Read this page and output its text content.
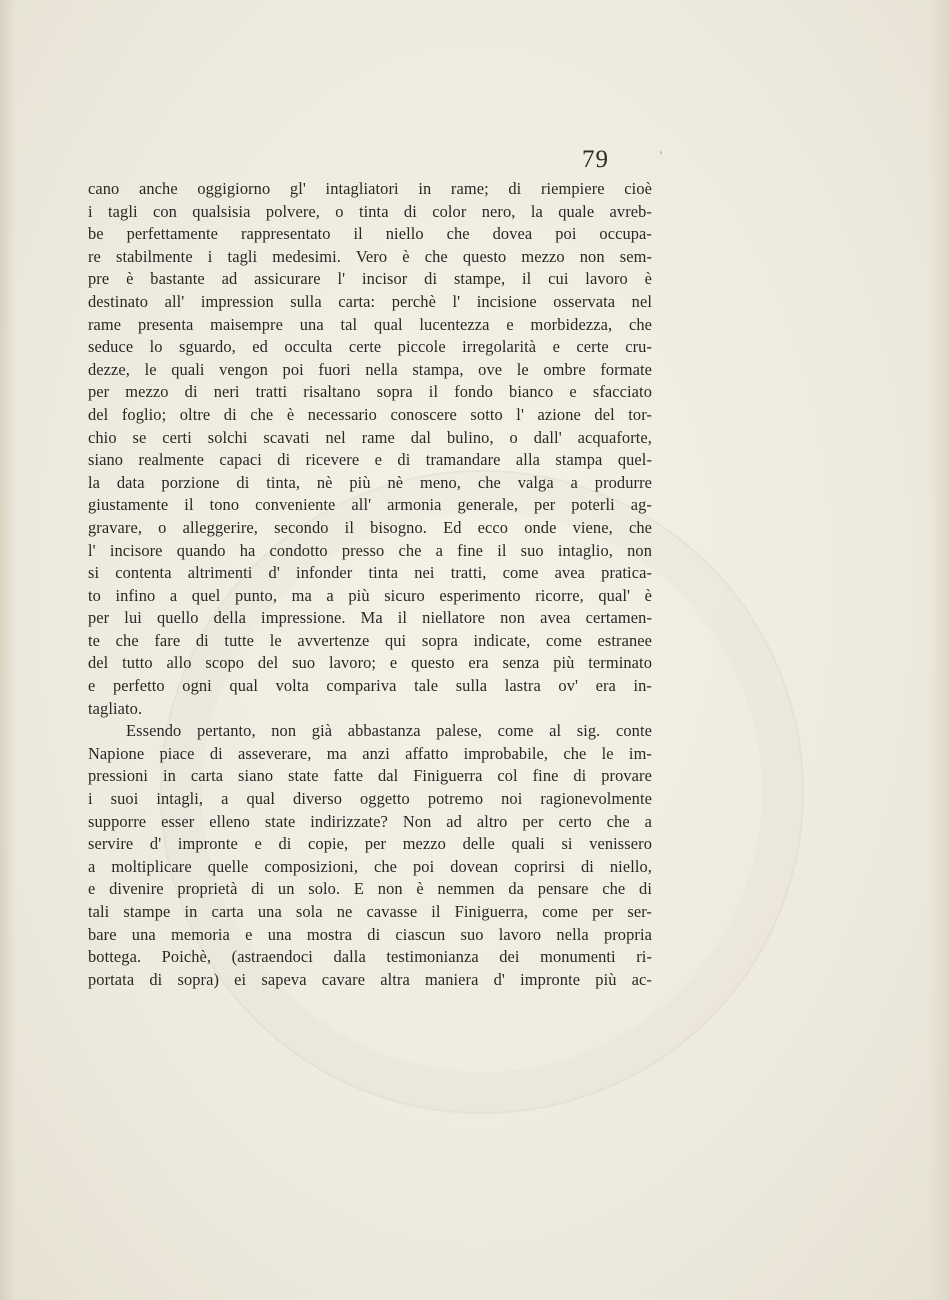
79	'
cano anche oggigiorno gl' intagliatori in rame; di riempiere cioè
i tagli con qualsisia polvere, o tinta di color nero, la quale avreb-
be perfettamente rappresentato il niello che dovea poi occupa-
re stabilmente i tagli medesimi. Vero è che questo mezzo non sem-
pre è bastante ad assicurare l' incisor di stampe, il cui lavoro è
destinato all' impression sulla carta: perchè l' incisione osservata nel
rame presenta maisempre una tal qual lucentezza e morbidezza, che
seduce lo sguardo, ed occulta certe piccole irregolarità e certe cru-
dezze, le quali vengon poi fuori nella stampa, ove le ombre formate
per mezzo di neri tratti risaltano sopra il fondo bianco e sfacciato
del foglio; oltre di che è necessario conoscere sotto l' azione del tor-
chio se certi solchi scavati nel rame dal bulino, o dall' acquaforte,
siano realmente capaci di ricevere e di tramandare alla stampa quel-
la data porzione di tinta, nè più nè meno, che valga a produrre
giustamente il tono conveniente all' armonia generale, per poterli ag-
gravare, o alleggerire, secondo il bisogno. Ed ecco onde viene, che
l' incisore quando ha condotto presso che a fine il suo intaglio, non
si contenta altrimenti d' infonder tinta nei tratti, come avea pratica-
to infino a quel punto, ma a più sicuro esperimento ricorre, qual' è
per lui quello della impressione. Ma il niellatore non avea certamen-
te che fare di tutte le avvertenze qui sopra indicate, come estranee
del tutto allo scopo del suo lavoro; e questo era senza più terminato
e perfetto ogni qual volta compariva tale sulla lastra ov' era in-
tagliato.
Essendo pertanto, non già abbastanza palese, come al sig. conte
Napione piace di asseverare, ma anzi affatto improbabile, che le im-
pressioni in carta siano state fatte dal Finiguerra col fine di provare
i suoi intagli, a qual diverso oggetto potremo noi ragionevolmente
supporre esser elleno state indirizzate? Non ad altro per certo che a
servire d' impronte e di copie, per mezzo delle quali si venissero
a moltiplicare quelle composizioni, che poi dovean coprirsi di niello,
e divenire proprietà di un solo. E non è nemmen da pensare che di
tali stampe in carta una sola ne cavasse il Finiguerra, come per ser-
bare una memoria e una mostra di ciascun suo lavoro nella propria
bottega. Poichè, (astraendoci dalla testimonianza dei monumenti ri-
portata di sopra) ei sapeva cavare altra maniera d' impronte più ac-
